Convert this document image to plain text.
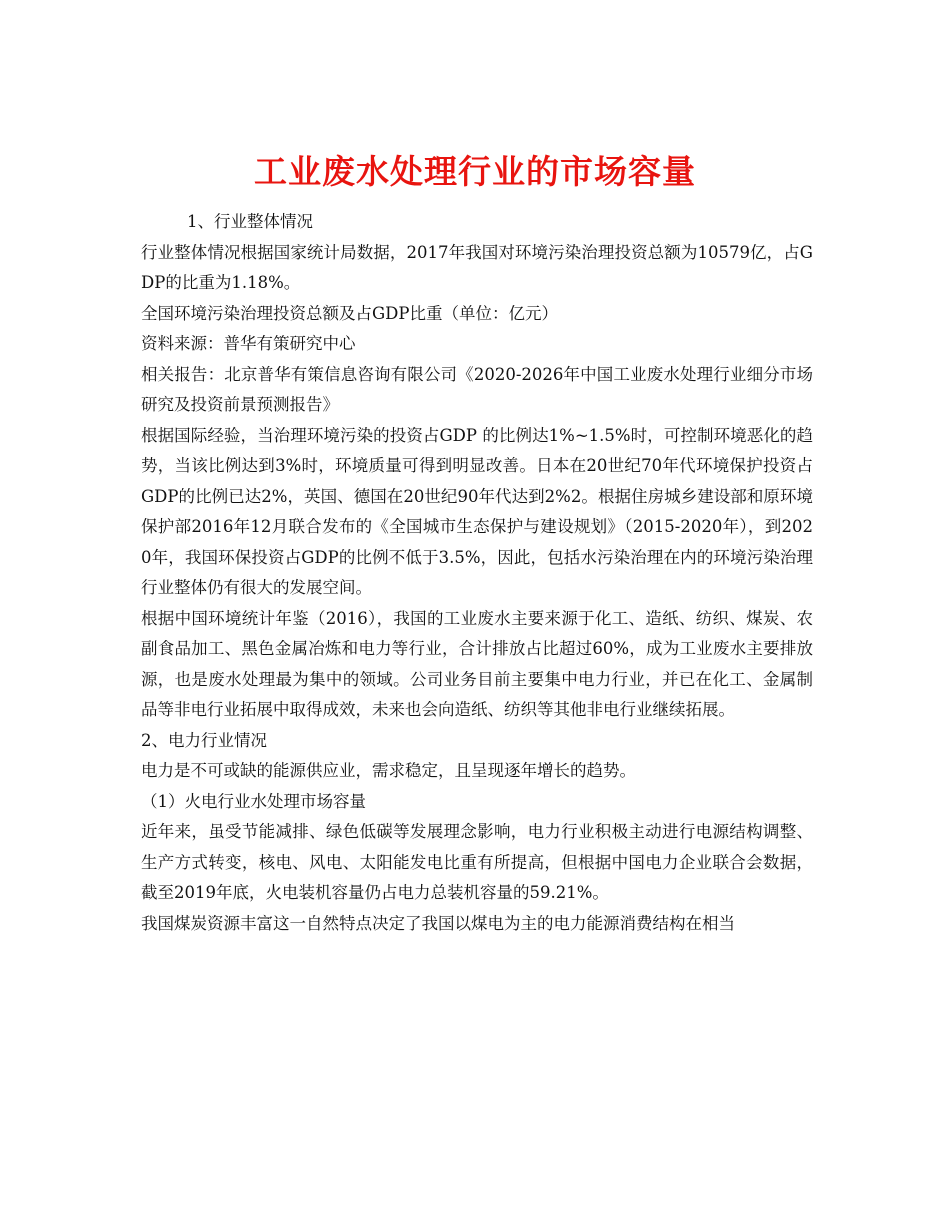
工业废水处理行业的市场容量

1、行业整体情况

行业整体情况根据国家统计局数据，2017年我国对环境污染治理投资总额为10579亿，占GDP的比重为1.18%。

全国环境污染治理投资总额及占GDP比重（单位：亿元）

资料来源：普华有策研究中心

相关报告：北京普华有策信息咨询有限公司《2020-2026年中国工业废水处理行业细分市场研究及投资前景预测报告》

根据国际经验，当治理环境污染的投资占GDP 的比例达1%~1.5%时，可控制环境恶化的趋势，当该比例达到3%时，环境质量可得到明显改善。日本在20世纪70年代环境保护投资占GDP的比例已达2%，英国、德国在20世纪90年代达到2%2。根据住房城乡建设部和原环境保护部2016年12月联合发布的《全国城市生态保护与建设规划》（2015-2020年），到2020年，我国环保投资占GDP的比例不低于3.5%，因此，包括水污染治理在内的环境污染治理行业整体仍有很大的发展空间。

根据中国环境统计年鉴（2016），我国的工业废水主要来源于化工、造纸、纺织、煤炭、农副食品加工、黑色金属冶炼和电力等行业，合计排放占比超过60%，成为工业废水主要排放源，也是废水处理最为集中的领域。公司业务目前主要集中电力行业，并已在化工、金属制品等非电行业拓展中取得成效，未来也会向造纸、纺织等其他非电行业继续拓展。

2、电力行业情况

电力是不可或缺的能源供应业，需求稳定，且呈现逐年增长的趋势。

（1）火电行业水处理市场容量

近年来，虽受节能减排、绿色低碳等发展理念影响，电力行业积极主动进行电源结构调整、生产方式转变，核电、风电、太阳能发电比重有所提高，但根据中国电力企业联合会数据，截至2019年底，火电装机容量仍占电力总装机容量的59.21%。

我国煤炭资源丰富这一自然特点决定了我国以煤电为主的电力能源消费结构在相当
